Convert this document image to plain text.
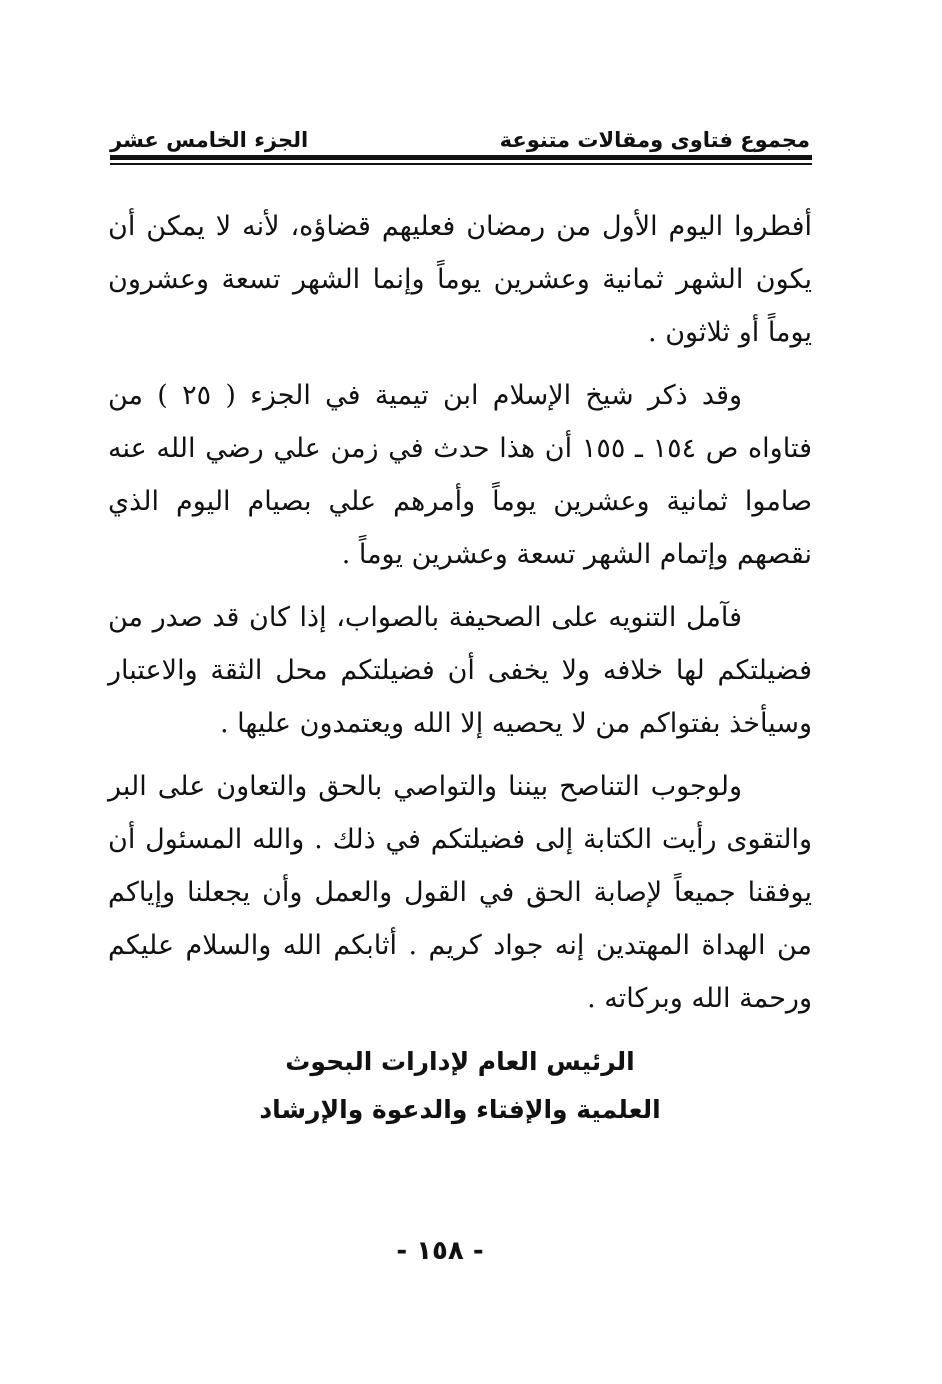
مجموع فتاوى ومقالات متنوعة
الجزء الخامس عشر

أفطروا اليوم الأول من رمضان فعليهم قضاؤه، لأنه لا يمكن أن يكون الشهر ثمانية وعشرين يوماً وإنما الشهر تسعة وعشرون يوماً أو ثلاثون .

وقد ذكر شيخ الإسلام ابن تيمية في الجزء ( ٢٥ ) من فتاواه ص ١٥٤ ـ ١٥٥ أن هذا حدث في زمن علي رضي الله عنه صاموا ثمانية وعشرين يوماً وأمرهم علي بصيام اليوم الذي نقصهم وإتمام الشهر تسعة وعشرين يوماً .

فآمل التنويه على الصحيفة بالصواب، إذا كان قد صدر من فضيلتكم لها خلافه ولا يخفى أن فضيلتكم محل الثقة والاعتبار وسيأخذ بفتواكم من لا يحصيه إلا الله ويعتمدون عليها .

ولوجوب التناصح بيننا والتواصي بالحق والتعاون على البر والتقوى رأيت الكتابة إلى فضيلتكم في ذلك . والله المسئول أن يوفقنا جميعاً لإصابة الحق في القول والعمل وأن يجعلنا وإياكم من الهداة المهتدين إنه جواد كريم . أثابكم الله والسلام عليكم ورحمة الله وبركاته .

الرئيس العام لإدارات البحوث
العلمية والإفتاء والدعوة والإرشاد
- ١٥٨ -
